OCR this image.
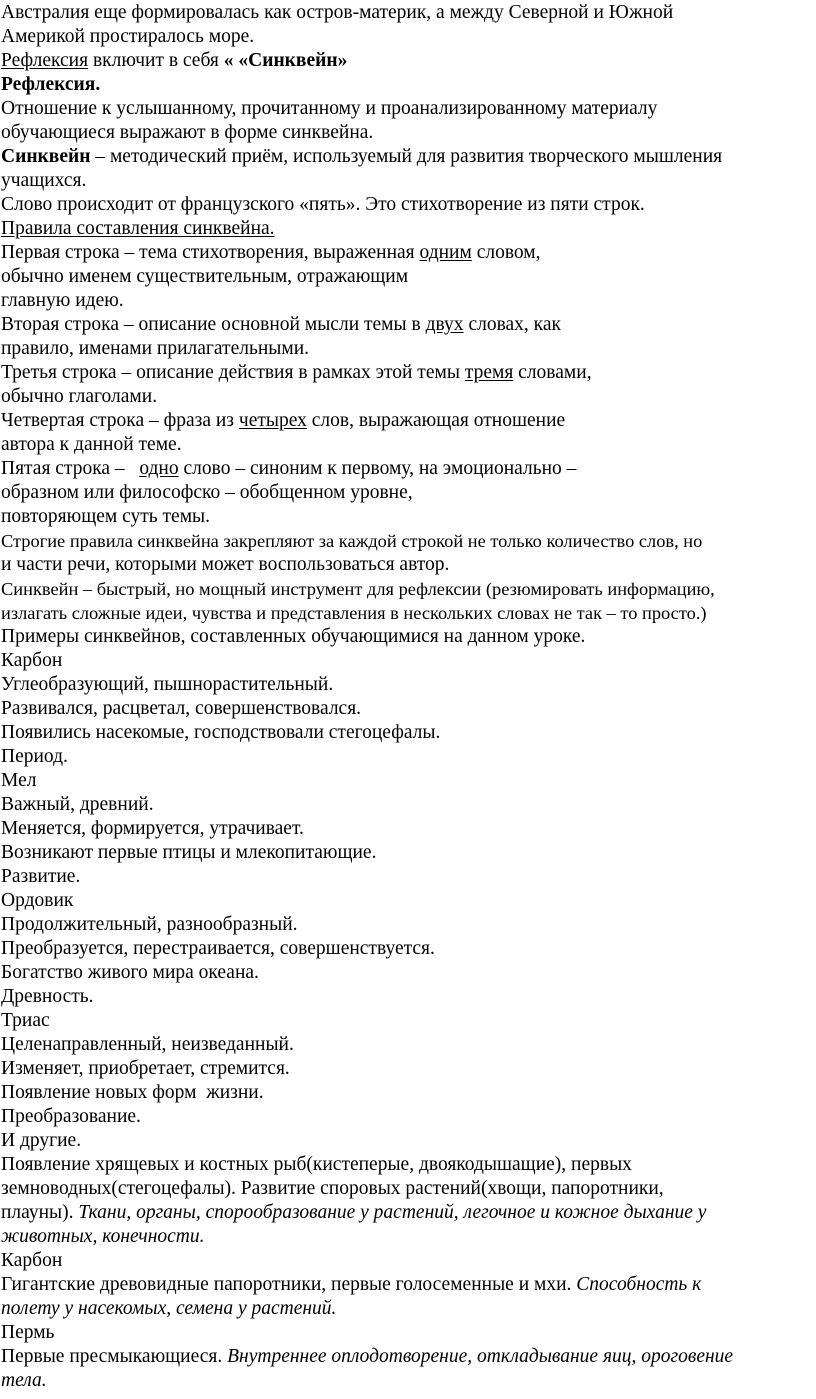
Австралия еще формировалась как остров-материк, а между Северной и Южной
Америкой простиралось море.
Рефлексия включит в себя « «Синквейн»
Рефлексия.
Отношение к услышанному, прочитанному и проанализированному материалу
обучающиеся выражают в форме синквейна.
Синквейн – методический приём, используемый для развития творческого мышления
учащихся.
Слово происходит от французского «пять». Это стихотворение из пяти строк.
Правила составления синквейна.
Первая строка – тема стихотворения, выраженная одним словом,
обычно именем существительным, отражающим
главную идею.
Вторая строка – описание основной мысли темы в двух словах, как
правило, именами прилагательными.
Третья строка – описание действия в рамках этой темы тремя словами,
обычно глаголами.
Четвертая строка – фраза из четырех слов, выражающая отношение
автора к данной теме.
Пятая строка –   одно слово – синоним к первому, на эмоционально –
образном или философско – обобщенном уровне,
повторяющем суть темы.
Строгие правила синквейна закрепляют за каждой строкой не только количество слов, но
и части речи, которыми может воспользоваться автор.
Синквейн – быстрый, но мощный инструмент для рефлексии (резюмировать информацию,
излагать сложные идеи, чувства и представления в нескольких словах не так – то просто.)
Примеры синквейнов, составленных обучающимися на данном уроке.
Карбон
Углеобразующий, пышнорастительный.
Развивался, расцветал, совершенствовался.
Появились насекомые, господствовали стегоцефалы.
Период.
Мел
Важный, древний.
Меняется, формируется, утрачивает.
Возникают первые птицы и млекопитающие.
Развитие.
Ордовик
Продолжительный, разнообразный.
Преобразуется, перестраивается, совершенствуется.
Богатство живого мира океана.
Древность.
Триас
Целенаправленный, неизведанный.
Изменяет, приобретает, стремится.
Появление новых форм  жизни.
Преобразование.
И другие.
Появление хрящевых и костных рыб(кистеперые, двоякодышащие), первых
земноводных(стегоцефалы). Развитие споровых растений(хвощи, папоротники,
плауны). Ткани, органы, спорообразование у растений, легочное и кожное дыхание у
животных, конечности.
Карбон
Гигантские древовидные папоротники, первые голосеменные и мхи. Способность к
полету у насекомых, семена у растений.
Пермь
Первые пресмыкающиеся. Внутреннее оплодотворение, откладывание яиц, ороговение
тела.
